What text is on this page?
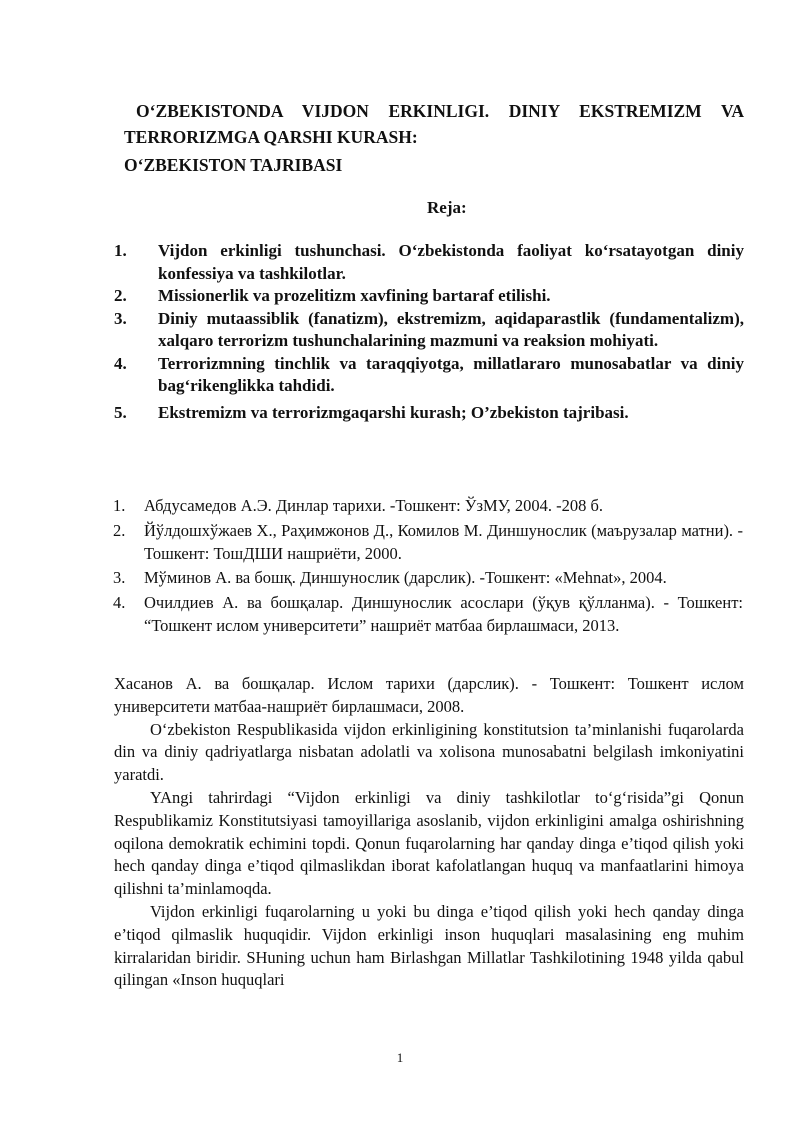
O‘ZBEKISTONDA VIJDON ERKINLIGI. DINIY EKSTREMIZM VA
TERRORIZMGA QARSHI KURASH:
O‘ZBEKISTON TAJRIBASI
Reja:
1. Vijdon erkinligi tushunchasi. O‘zbekistonda faoliyat ko‘rsatayotgan diniy konfessiya va tashkilotlar.
2. Missionerlik va prozelitizm xavfining bartaraf etilishi.
3. Diniy mutaassiblik (fanatizm), ekstremizm, aqidaparastlik (fundamentalizm), xalqaro terrorizm tushunchalarining mazmuni va reaksion mohiyati.
4. Terrorizmning tinchlik va taraqqiyotga, millatlararo munosabatlar va diniy bag‘rikenglikka tahdidi.
5. Ekstremizm va terrorizmgaqarshi kurash; O’zbekiston tajribasi.
1. Абдусамедов А.Э. Динлар тарихи. -Тошкент: ЎзМУ, 2004. -208 б.
2. Йўлдошхўжаев Х., Раҳимжонов Д., Комилов М. Диншунослик (маърузалар матни). - Тошкент: ТошДШИ нашриёти, 2000.
3. Мўминов А. ва бошқ. Диншунослик (дарслик). -Тошкент: «Mehnat», 2004.
4. Очилдиев А. ва бошқалар. Диншунослик асослари (ўқув қўлланма). - Тошкент: “Тошкент ислом университети” нашриёт матбаа бирлашмаси, 2013.

Хасанов А. ва бошқалар. Ислом тарихи (дарслик). - Тошкент: Тошкент ислом университети матбаа-нашриёт бирлашмаси, 2008.

O‘zbekiston Respublikasida vijdon erkinligining konstitutsion ta’minlanishi fuqarolarda din va diniy qadriyatlarga nisbatan adolatli va xolisona munosabatni belgilash imkoniyatini yaratdi.

YAngi tahrirdagi “Vijdon erkinligi va diniy tashkilotlar to‘g‘risida”gi Qonun Respublikamiz Konstitutsiyasi tamoyillariga asoslanib, vijdon erkinligini amalga oshirishning oqilona demokratik echimini topdi. Qonun fuqarolarning har qanday dinga e’tiqod qilish yoki hech qanday dinga e’tiqod qilmaslikdan iborat kafolatlangan huquq va manfaatlarini himoya qilishni ta’minlamoqda.

Vijdon erkinligi fuqarolarning u yoki bu dinga e’tiqod qilish yoki hech qanday dinga e’tiqod qilmaslik huquqidir. Vijdon erkinligi inson huquqlari masalasining eng muhim kirralaridan biridir. SHuning uchun ham Birlashgan Millatlar Tashkilotining 1948 yilda qabul qilingan «Inson huquqlari

1
